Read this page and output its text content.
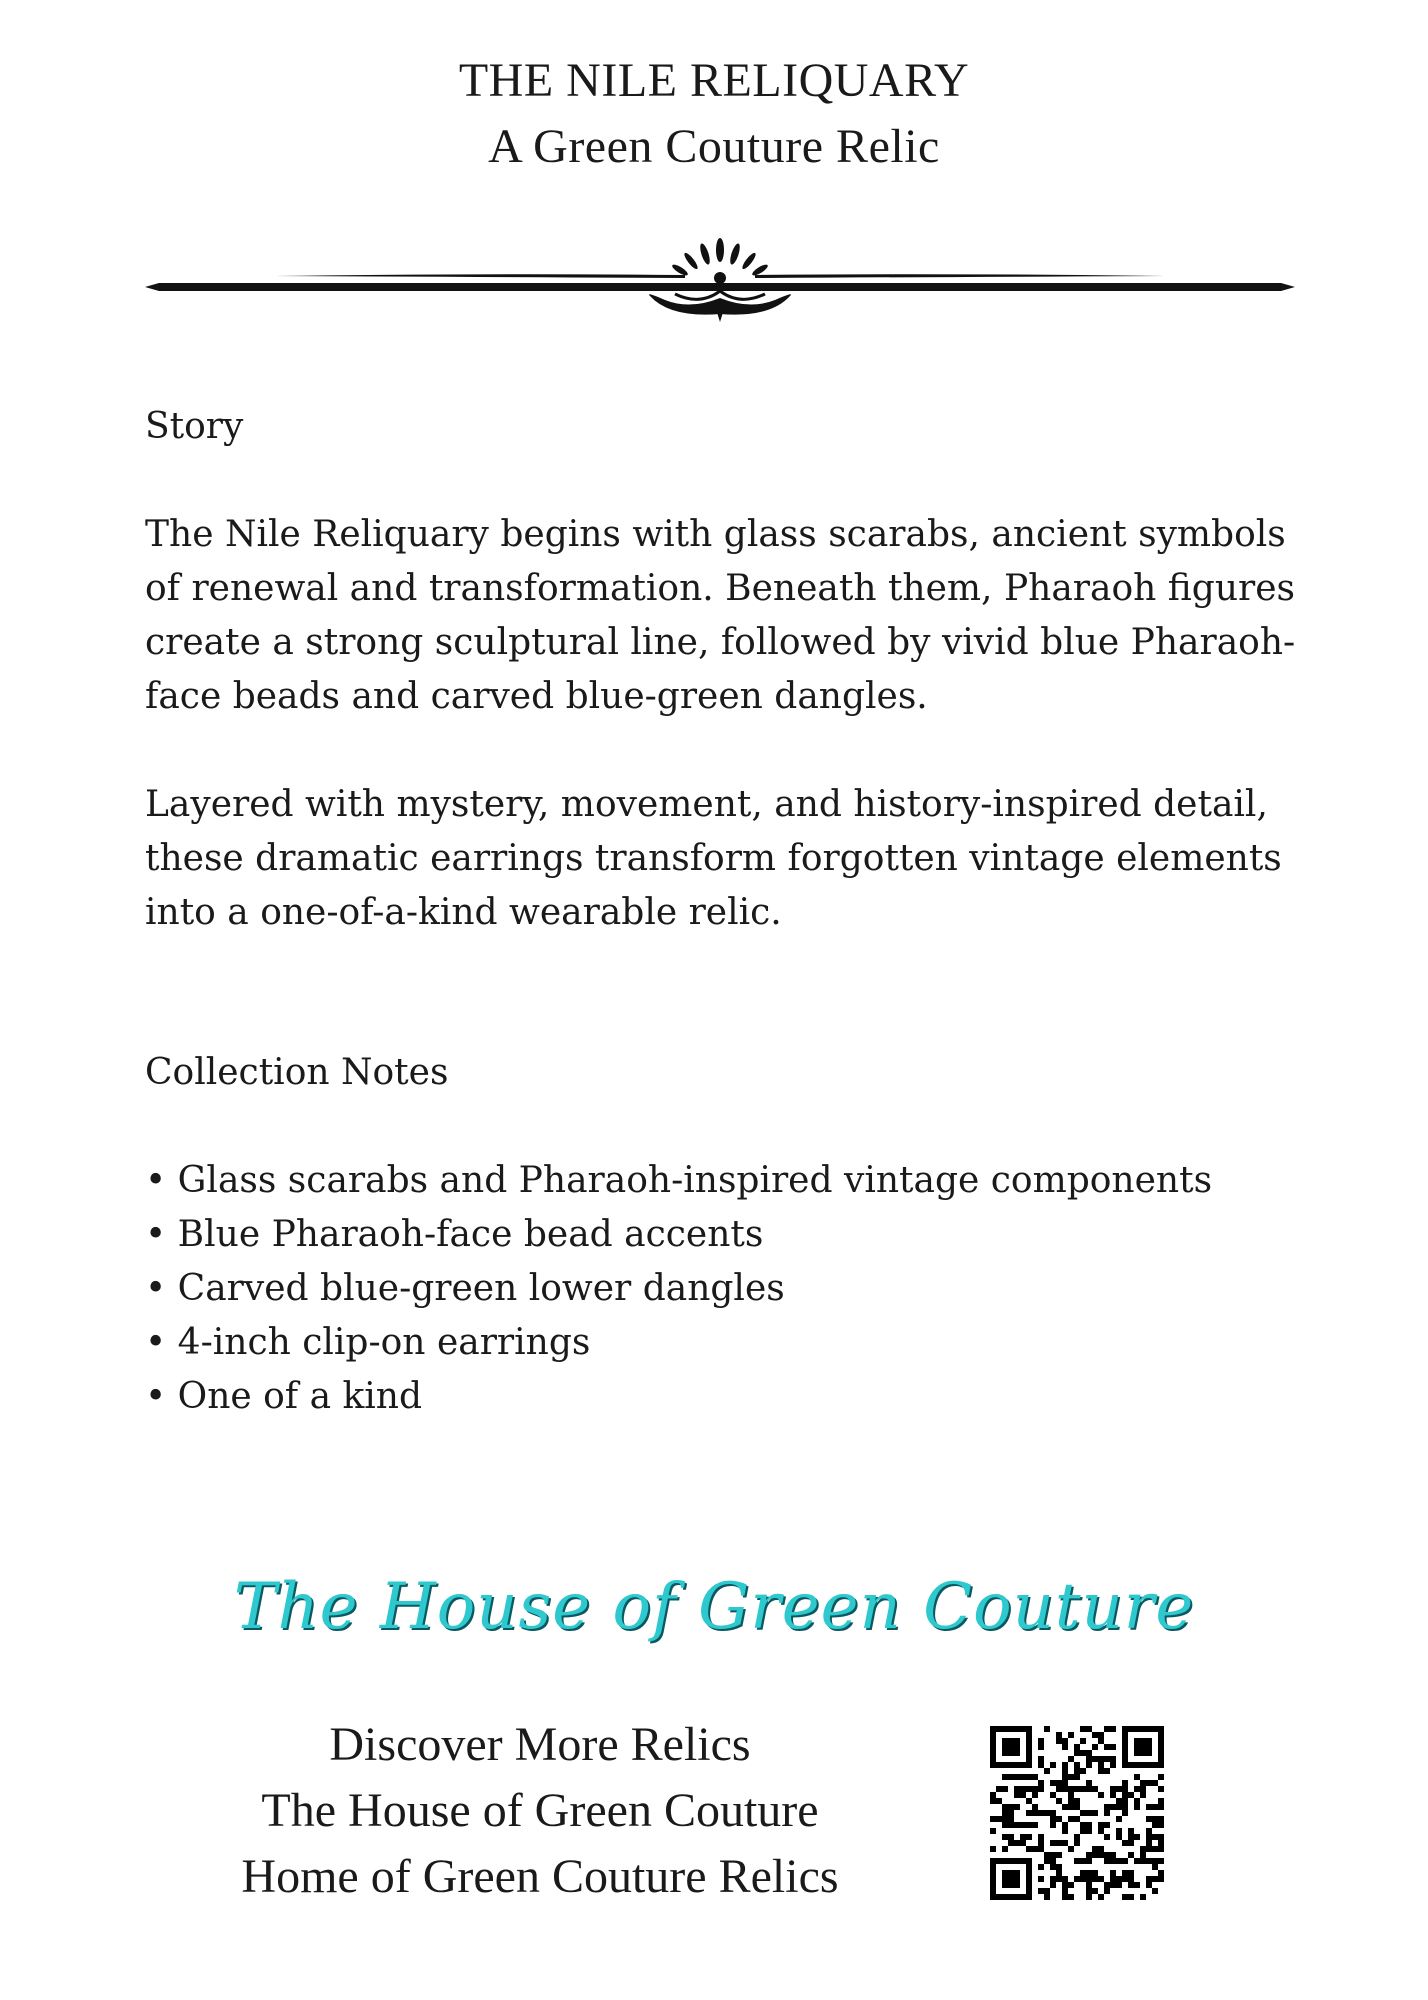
THE NILE RELIQUARY
A Green Couture Relic
Story

The Nile Reliquary begins with glass scarabs, ancient symbols of renewal and transformation. Beneath them, Pharaoh figures create a strong sculptural line, followed by vivid blue Pharaoh-face beads and carved blue-green dangles.

Layered with mystery, movement, and history-inspired detail, these dramatic earrings transform forgotten vintage elements into a one-of-a-kind wearable relic.

Collection Notes
• Glass scarabs and Pharaoh-inspired vintage components
• Blue Pharaoh-face bead accents
• Carved blue-green lower dangles
• 4-inch clip-on earrings
• One of a kind
The House of Green Couture
Discover More Relics
The House of Green Couture
Home of Green Couture Relics
